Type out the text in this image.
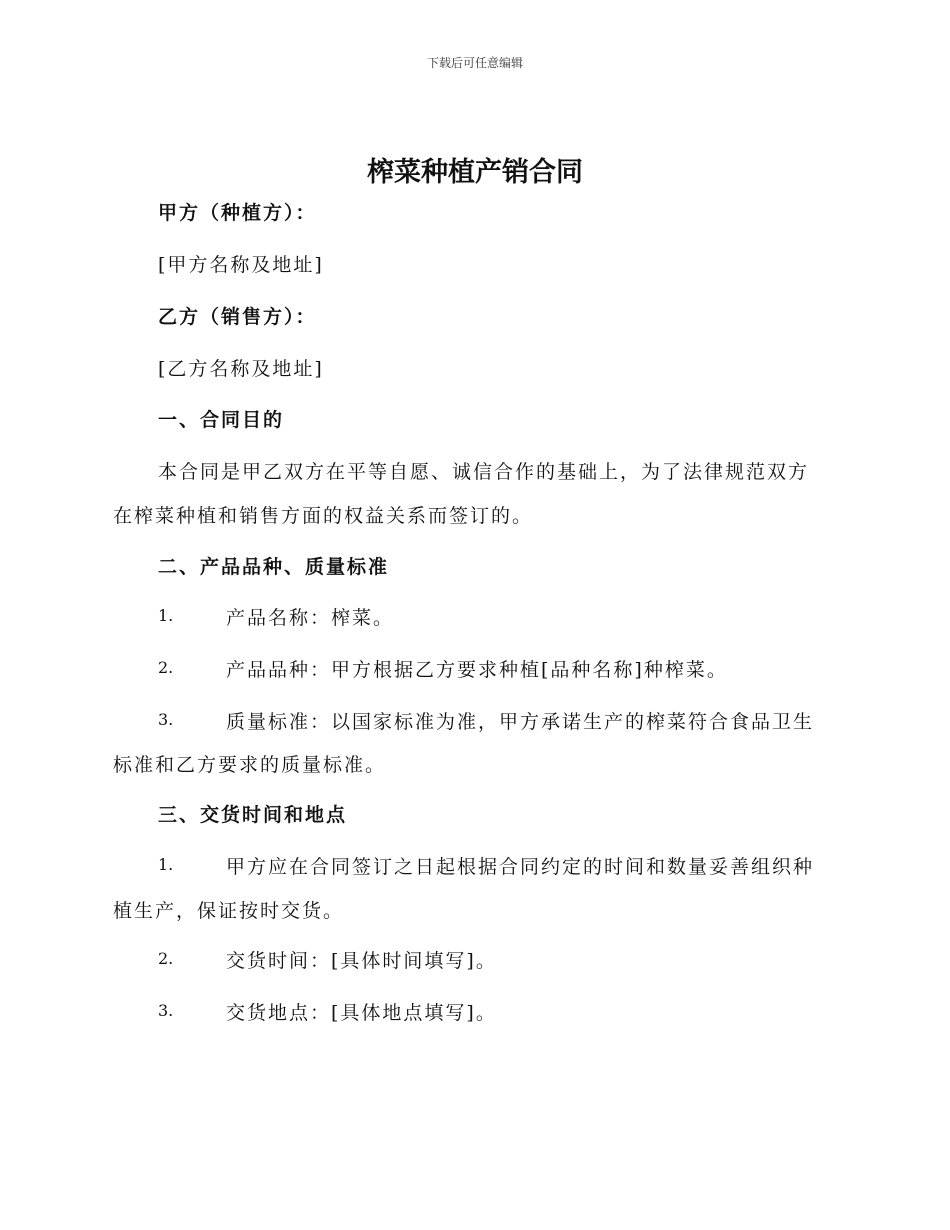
下载后可任意编辑
榨菜种植产销合同
甲方（种植方）：
[甲方名称及地址]
乙方（销售方）：
[乙方名称及地址]
一、合同目的
本合同是甲乙双方在平等自愿、诚信合作的基础上，为了法律规范双方
在榨菜种植和销售方面的权益关系而签订的。
二、产品品种、质量标准
1.	产品名称：榨菜。
2.	产品品种：甲方根据乙方要求种植[品种名称]种榨菜。
3.	质量标准：以国家标准为准，甲方承诺生产的榨菜符合食品卫生
标准和乙方要求的质量标准。
三、交货时间和地点
1.	甲方应在合同签订之日起根据合同约定的时间和数量妥善组织种
植生产，保证按时交货。
2.	交货时间：[具体时间填写]。
3.	交货地点：[具体地点填写]。
